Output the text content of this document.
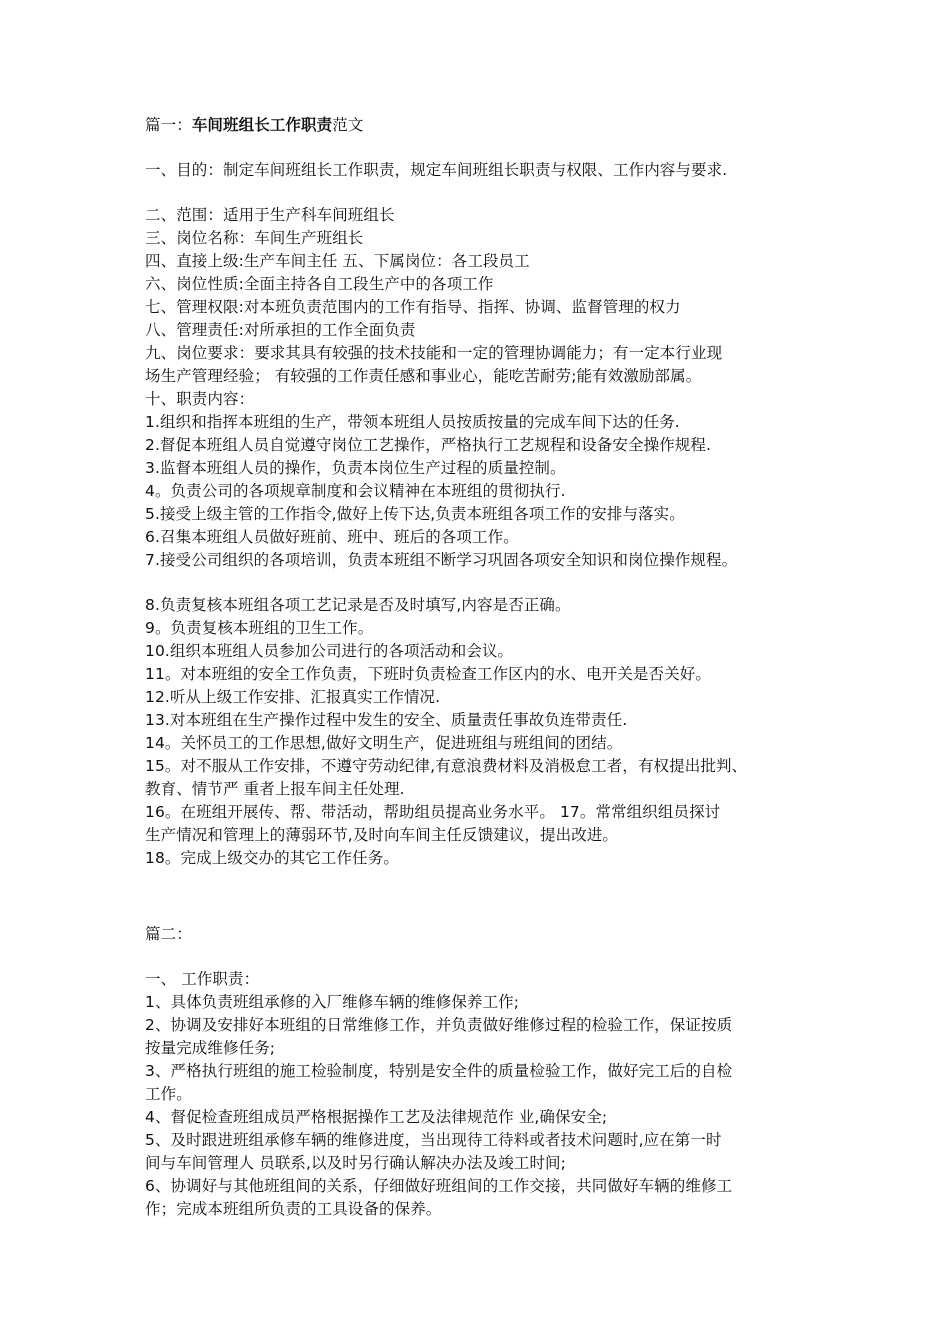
篇一：车间班组长工作职责范文
一、目的：制定车间班组长工作职责，规定车间班组长职责与权限、工作内容与要求.
二、范围：适用于生产科车间班组长
三、岗位名称：车间生产班组长
四、直接上级:生产车间主任 五、下属岗位：各工段员工
六、岗位性质:全面主持各自工段生产中的各项工作
七、管理权限:对本班负责范围内的工作有指导、指挥、协调、监督管理的权力
八、管理责任:对所承担的工作全面负责
九、岗位要求：要求其具有较强的技术技能和一定的管理协调能力；有一定本行业现
场生产管理经验； 有较强的工作责任感和事业心，能吃苦耐劳;能有效激励部属。
十、职责内容：
1.组织和指挥本班组的生产，带领本班组人员按质按量的完成车间下达的任务.
2.督促本班组人员自觉遵守岗位工艺操作，严格执行工艺规程和设备安全操作规程.
3.监督本班组人员的操作，负责本岗位生产过程的质量控制。
4。负责公司的各项规章制度和会议精神在本班组的贯彻执行.
5.接受上级主管的工作指令,做好上传下达,负责本班组各项工作的安排与落实。
6.召集本班组人员做好班前、班中、班后的各项工作。
7.接受公司组织的各项培训，负责本班组不断学习巩固各项安全知识和岗位操作规程。
8.负责复核本班组各项工艺记录是否及时填写,内容是否正确。
9。负责复核本班组的卫生工作。
10.组织本班组人员参加公司进行的各项活动和会议。
11。对本班组的安全工作负责，下班时负责检查工作区内的水、电开关是否关好。
12.听从上级工作安排、汇报真实工作情况.
13.对本班组在生产操作过程中发生的安全、质量责任事故负连带责任.
14。关怀员工的工作思想,做好文明生产，促进班组与班组间的团结。
15。对不服从工作安排，不遵守劳动纪律,有意浪费材料及消极怠工者，有权提出批判、
教育、情节严 重者上报车间主任处理.
16。在班组开展传、帮、带活动，帮助组员提高业务水平。 17。常常组织组员探讨
生产情况和管理上的薄弱环节,及时向车间主任反馈建议，提出改进。
18。完成上级交办的其它工作任务。
篇二：
一、 工作职责：
1、具体负责班组承修的入厂维修车辆的维修保养工作;
2、协调及安排好本班组的日常维修工作，并负责做好维修过程的检验工作，保证按质
按量完成维修任务;
3、严格执行班组的施工检验制度，特别是安全件的质量检验工作，做好完工后的自检
工作。
4、督促检查班组成员严格根据操作工艺及法律规范作 业,确保安全;
5、及时跟进班组承修车辆的维修进度，当出现待工待料或者技术问题时,应在第一时
间与车间管理人 员联系,以及时另行确认解决办法及竣工时间;
6、协调好与其他班组间的关系，仔细做好班组间的工作交接，共同做好车辆的维修工
作；完成本班组所负责的工具设备的保养。
